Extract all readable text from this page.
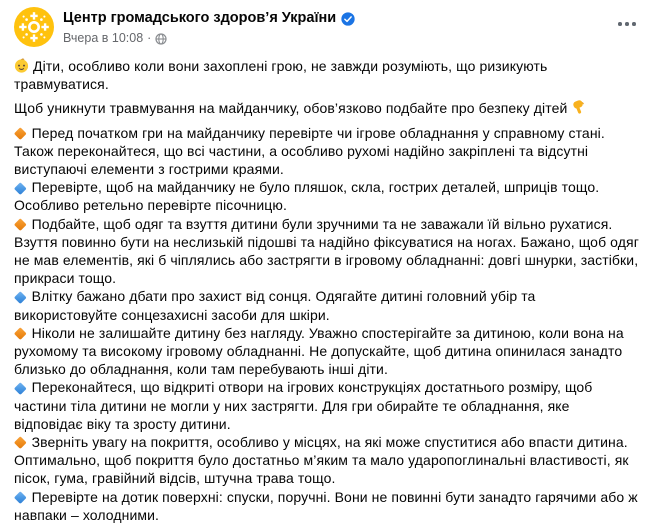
Центр громадського здоров’я України
Вчера в 10:08 ·

Діти, особливо коли вони захоплені грою, не завжди розуміють, що ризикують травмуватися.

Щоб уникнути травмування на майданчику, обов’язково подбайте про безпеку дітей

Перед початком гри на майданчику перевірте чи ігрове обладнання у справному стані. Також переконайтеся, що всі частини, а особливо рухомі надійно закріплені та відсутні виступаючі елементи з гострими краями.

Перевірте, щоб на майданчику не було пляшок, скла, гострих деталей, шприців тощо. Особливо ретельно перевірте пісочницю.

Подбайте, щоб одяг та взуття дитини були зручними та не заважали їй вільно рухатися. Взуття повинно бути на неслизькій підошві та надійно фіксуватися на ногах. Бажано, щоб одяг не мав елементів, які б чіплялись або застрягти в ігровому обладнанні: довгі шнурки, застібки, прикраси тощо.

Влітку бажано дбати про захист від сонця. Одягайте дитині головний убір та використовуйте сонцезахисні засоби для шкіри.

Ніколи не залишайте дитину без нагляду. Уважно спостерігайте за дитиною, коли вона на рухомому та високому ігровому обладнанні. Не допускайте, щоб дитина опинилася занадто близько до обладнання, коли там перебувають інші діти.

Переконайтеся, що відкриті отвори на ігрових конструкціях достатнього розміру, щоб частини тіла дитини не могли у них застрягти. Для гри обирайте те обладнання, яке відповідає віку та зросту дитини.

Зверніть увагу на покриття, особливо у місцях, на які може спуститися або впасти дитина. Оптимально, щоб покриття було достатньо м’яким та мало ударопоглинальні властивості, як пісок, гума, гравійний відсів, штучна трава тощо.

Перевірте на дотик поверхні: спуски, поручні. Вони не повинні бути занадто гарячими або ж навпаки – холодними.
